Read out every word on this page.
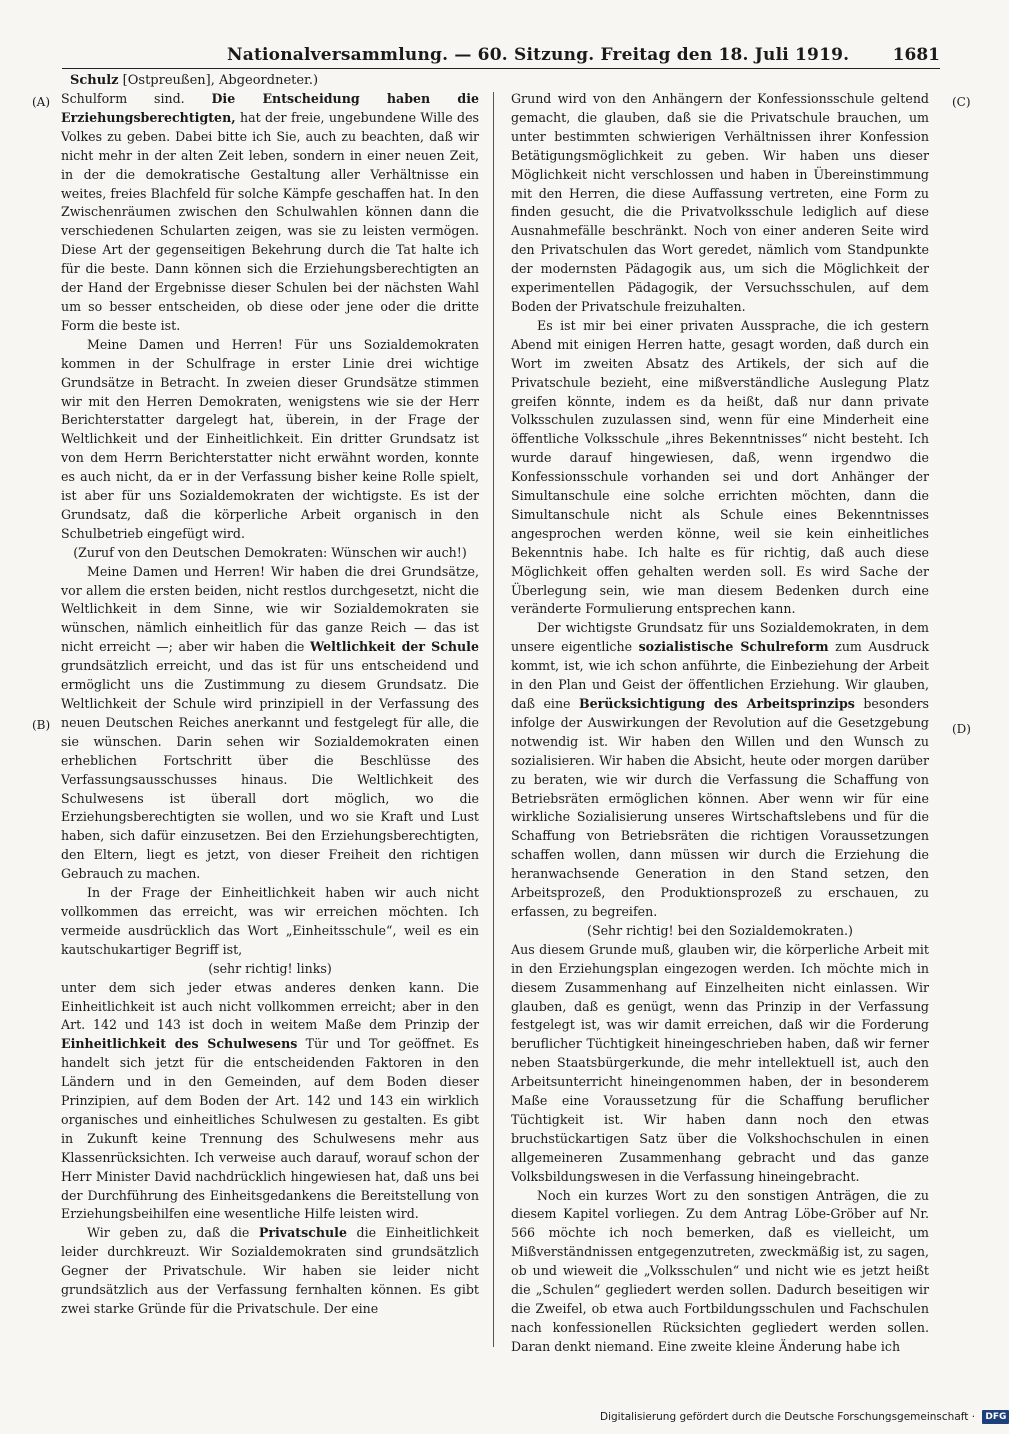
Nationalversammlung. — 60. Sitzung. Freitag den 18. Juli 1919.	1681
Schulz [Ostpreußen], Abgeordneter.)
(A)
(B)
(C)
(D)

Schulform sind. Die Entscheidung haben die Erziehungsberechtigten, hat der freie, ungebundene Wille des Volkes zu geben. Dabei bitte ich Sie, auch zu beachten, daß wir nicht mehr in der alten Zeit leben, sondern in einer neuen Zeit, in der die demokratische Gestaltung aller Verhältnisse ein weites, freies Blachfeld für solche Kämpfe geschaffen hat. In den Zwischenräumen zwischen den Schulwahlen können dann die verschiedenen Schularten zeigen, was sie zu leisten vermögen. Diese Art der gegenseitigen Bekehrung durch die Tat halte ich für die beste. Dann können sich die Erziehungsberechtigten an der Hand der Ergebnisse dieser Schulen bei der nächsten Wahl um so besser entscheiden, ob diese oder jene oder die dritte Form die beste ist.

Meine Damen und Herren! Für uns Sozialdemokraten kommen in der Schulfrage in erster Linie drei wichtige Grundsätze in Betracht. In zweien dieser Grundsätze stimmen wir mit den Herren Demokraten, wenigstens wie sie der Herr Berichterstatter dargelegt hat, überein, in der Frage der Weltlichkeit und der Einheitlichkeit. Ein dritter Grundsatz ist von dem Herrn Berichterstatter nicht erwähnt worden, konnte es auch nicht, da er in der Verfassung bisher keine Rolle spielt, ist aber für uns Sozialdemokraten der wichtigste. Es ist der Grundsatz, daß die körperliche Arbeit organisch in den Schulbetrieb eingefügt wird.

(Zuruf von den Deutschen Demokraten: Wünschen wir auch!)

Meine Damen und Herren! Wir haben die drei Grundsätze, vor allem die ersten beiden, nicht restlos durchgesetzt, nicht die Weltlichkeit in dem Sinne, wie wir Sozialdemokraten sie wünschen, nämlich einheitlich für das ganze Reich — das ist nicht erreicht —; aber wir haben die Weltlichkeit der Schule grundsätzlich erreicht, und das ist für uns entscheidend und ermöglicht uns die Zustimmung zu diesem Grundsatz. Die Weltlichkeit der Schule wird prinzipiell in der Verfassung des neuen Deutschen Reiches anerkannt und festgelegt für alle, die sie wünschen. Darin sehen wir Sozialdemokraten einen erheblichen Fortschritt über die Beschlüsse des Verfassungsausschusses hinaus. Die Weltlichkeit des Schulwesens ist überall dort möglich, wo die Erziehungsberechtigten sie wollen, und wo sie Kraft und Lust haben, sich dafür einzusetzen. Bei den Erziehungsberechtigten, den Eltern, liegt es jetzt, von dieser Freiheit den richtigen Gebrauch zu machen.

In der Frage der Einheitlichkeit haben wir auch nicht vollkommen das erreicht, was wir erreichen möchten. Ich vermeide ausdrücklich das Wort „Einheitsschule“, weil es ein kautschukartiger Begriff ist,

(sehr richtig! links)

unter dem sich jeder etwas anderes denken kann. Die Einheitlichkeit ist auch nicht vollkommen erreicht; aber in den Art. 142 und 143 ist doch in weitem Maße dem Prinzip der Einheitlichkeit des Schulwesens Tür und Tor geöffnet. Es handelt sich jetzt für die entscheidenden Faktoren in den Ländern und in den Gemeinden, auf dem Boden dieser Prinzipien, auf dem Boden der Art. 142 und 143 ein wirklich organisches und einheitliches Schulwesen zu gestalten. Es gibt in Zukunft keine Trennung des Schulwesens mehr aus Klassenrücksichten. Ich verweise auch darauf, worauf schon der Herr Minister David nachdrücklich hingewiesen hat, daß uns bei der Durchführung des Einheitsgedankens die Bereitstellung von Erziehungsbeihilfen eine wesentliche Hilfe leisten wird.

Wir geben zu, daß die Privatschule die Einheitlichkeit leider durchkreuzt. Wir Sozialdemokraten sind grundsätzlich Gegner der Privatschule. Wir haben sie leider nicht grundsätzlich aus der Verfassung fernhalten können. Es gibt zwei starke Gründe für die Privatschule. Der eine

Grund wird von den Anhängern der Konfessionsschule geltend gemacht, die glauben, daß sie die Privatschule brauchen, um unter bestimmten schwierigen Verhältnissen ihrer Konfession Betätigungsmöglichkeit zu geben. Wir haben uns dieser Möglichkeit nicht verschlossen und haben in Übereinstimmung mit den Herren, die diese Auffassung vertreten, eine Form zu finden gesucht, die die Privatvolksschule lediglich auf diese Ausnahmefälle beschränkt. Noch von einer anderen Seite wird den Privatschulen das Wort geredet, nämlich vom Standpunkte der modernsten Pädagogik aus, um sich die Möglichkeit der experimentellen Pädagogik, der Versuchsschulen, auf dem Boden der Privatschule freizuhalten.

Es ist mir bei einer privaten Aussprache, die ich gestern Abend mit einigen Herren hatte, gesagt worden, daß durch ein Wort im zweiten Absatz des Artikels, der sich auf die Privatschule bezieht, eine mißverständliche Auslegung Platz greifen könnte, indem es da heißt, daß nur dann private Volksschulen zuzulassen sind, wenn für eine Minderheit eine öffentliche Volksschule „ihres Bekenntnisses“ nicht besteht. Ich wurde darauf hingewiesen, daß, wenn irgendwo die Konfessionsschule vorhanden sei und dort Anhänger der Simultanschule eine solche errichten möchten, dann die Simultanschule nicht als Schule eines Bekenntnisses angesprochen werden könne, weil sie kein einheitliches Bekenntnis habe. Ich halte es für richtig, daß auch diese Möglichkeit offen gehalten werden soll. Es wird Sache der Überlegung sein, wie man diesem Bedenken durch eine veränderte Formulierung entsprechen kann.

Der wichtigste Grundsatz für uns Sozialdemokraten, in dem unsere eigentliche sozialistische Schulreform zum Ausdruck kommt, ist, wie ich schon anführte, die Einbeziehung der Arbeit in den Plan und Geist der öffentlichen Erziehung. Wir glauben, daß eine Berücksichtigung des Arbeitsprinzips besonders infolge der Auswirkungen der Revolution auf die Gesetzgebung notwendig ist. Wir haben den Willen und den Wunsch zu sozialisieren. Wir haben die Absicht, heute oder morgen darüber zu beraten, wie wir durch die Verfassung die Schaffung von Betriebsräten ermöglichen können. Aber wenn wir für eine wirkliche Sozialisierung unseres Wirtschaftslebens und für die Schaffung von Betriebsräten die richtigen Voraussetzungen schaffen wollen, dann müssen wir durch die Erziehung die heranwachsende Generation in den Stand setzen, den Arbeitsprozeß, den Produktionsprozeß zu erschauen, zu erfassen, zu begreifen.

(Sehr richtig! bei den Sozialdemokraten.)

Aus diesem Grunde muß, glauben wir, die körperliche Arbeit mit in den Erziehungsplan eingezogen werden. Ich möchte mich in diesem Zusammenhang auf Einzelheiten nicht einlassen. Wir glauben, daß es genügt, wenn das Prinzip in der Verfassung festgelegt ist, was wir damit erreichen, daß wir die Forderung beruflicher Tüchtigkeit hineingeschrieben haben, daß wir ferner neben Staatsbürgerkunde, die mehr intellektuell ist, auch den Arbeitsunterricht hineingenommen haben, der in besonderem Maße eine Voraussetzung für die Schaffung beruflicher Tüchtigkeit ist. Wir haben dann noch den etwas bruchstückartigen Satz über die Volkshochschulen in einen allgemeineren Zusammenhang gebracht und das ganze Volksbildungswesen in die Verfassung hineingebracht.

Noch ein kurzes Wort zu den sonstigen Anträgen, die zu diesem Kapitel vorliegen. Zu dem Antrag Löbe-Gröber auf Nr. 566 möchte ich noch bemerken, daß es vielleicht, um Mißverständnissen entgegenzutreten, zweckmäßig ist, zu sagen, ob und wieweit die „Volksschulen“ und nicht wie es jetzt heißt die „Schulen“ gegliedert werden sollen. Dadurch beseitigen wir die Zweifel, ob etwa auch Fortbildungsschulen und Fachschulen nach konfessionellen Rücksichten gegliedert werden sollen. Daran denkt niemand. Eine zweite kleine Änderung habe ich

Digitalisierung gefördert durch die Deutsche Forschungsgemeinschaft · DFG
